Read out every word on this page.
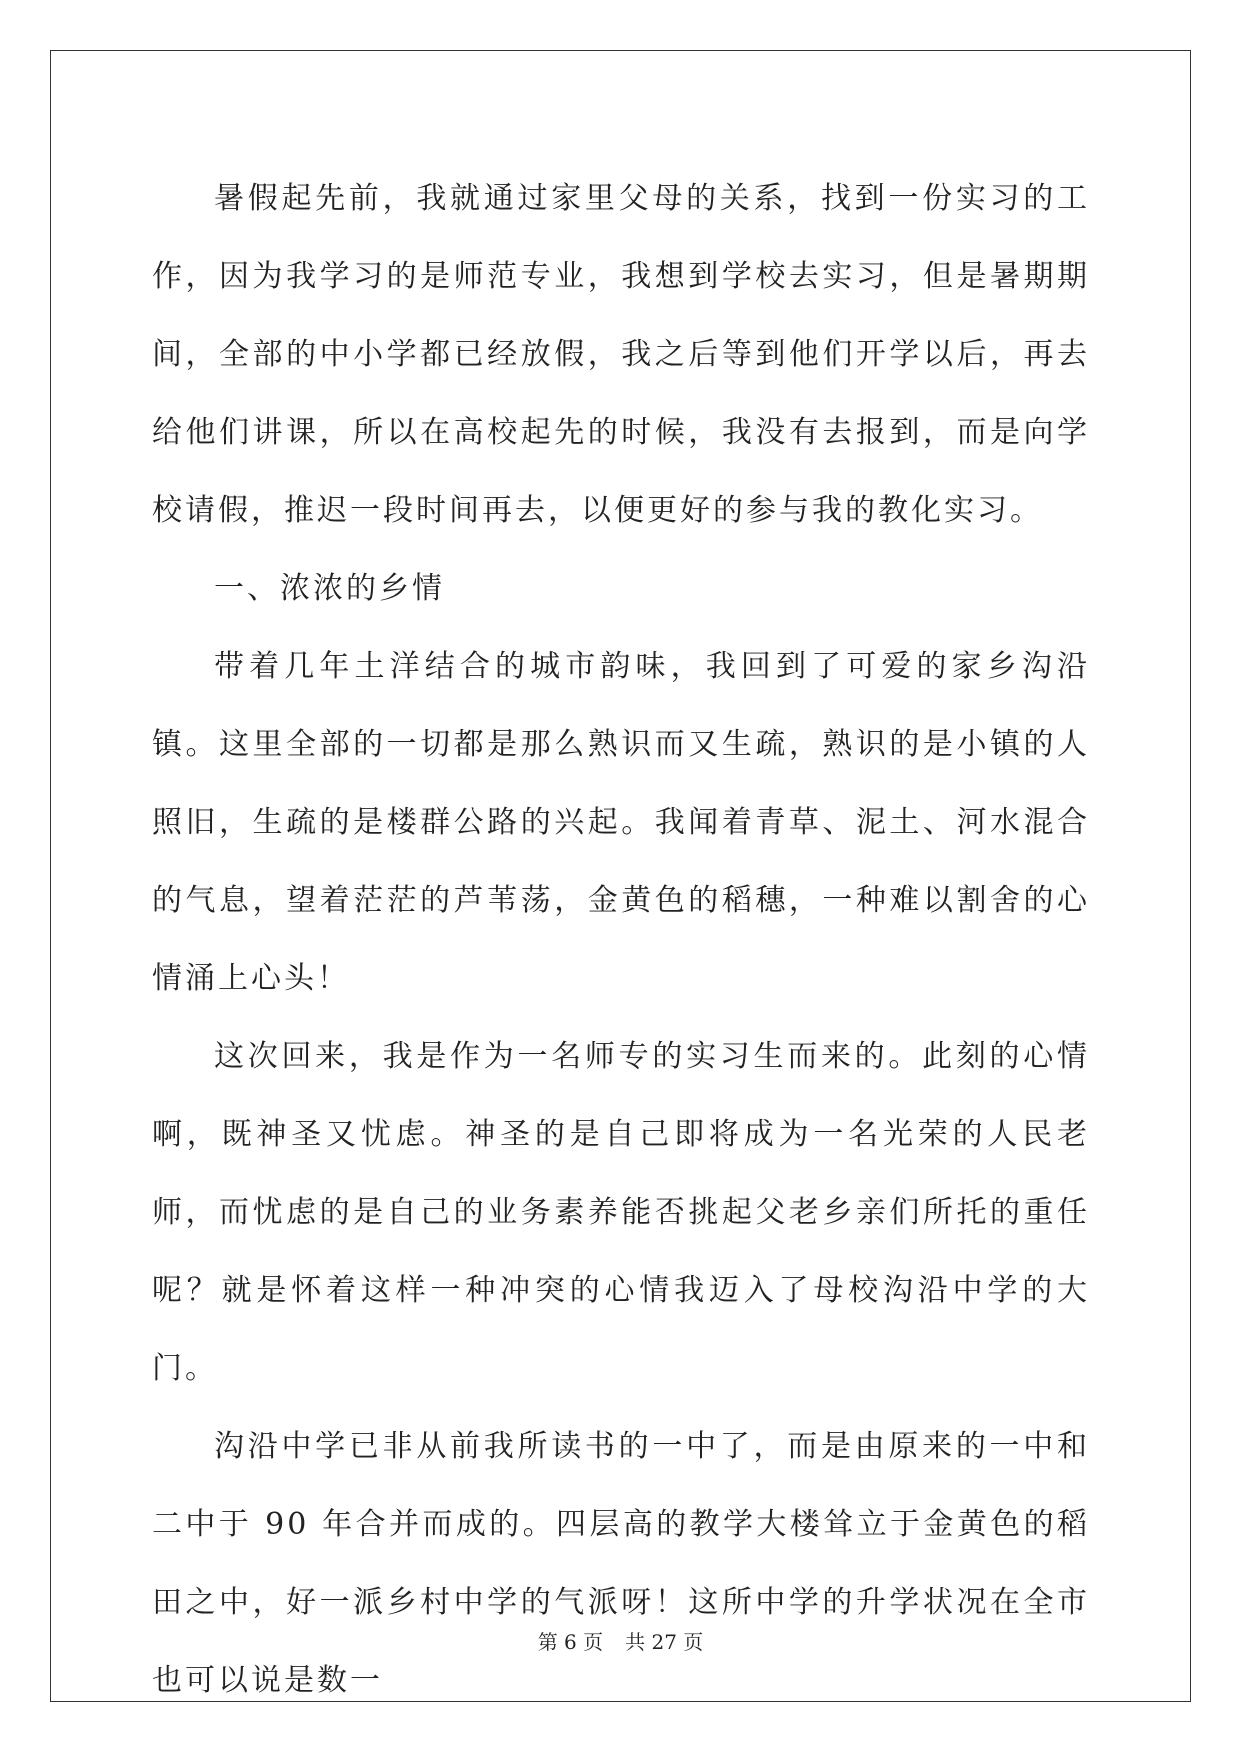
暑假起先前，我就通过家里父母的关系，找到一份实习的工作，因为我学习的是师范专业，我想到学校去实习，但是暑期期间，全部的中小学都已经放假，我之后等到他们开学以后，再去给他们讲课，所以在高校起先的时候，我没有去报到，而是向学校请假，推迟一段时间再去，以便更好的参与我的教化实习。

一、浓浓的乡情

带着几年土洋结合的城市韵味，我回到了可爱的家乡沟沿镇。这里全部的一切都是那么熟识而又生疏，熟识的是小镇的人照旧，生疏的是楼群公路的兴起。我闻着青草、泥土、河水混合的气息，望着茫茫的芦苇荡，金黄色的稻穗，一种难以割舍的心情涌上心头！

这次回来，我是作为一名师专的实习生而来的。此刻的心情啊，既神圣又忧虑。神圣的是自己即将成为一名光荣的人民老师，而忧虑的是自己的业务素养能否挑起父老乡亲们所托的重任呢？就是怀着这样一种冲突的心情我迈入了母校沟沿中学的大门。

沟沿中学已非从前我所读书的一中了，而是由原来的一中和二中于 90 年合并而成的。四层高的教学大楼耸立于金黄色的稻田之中，好一派乡村中学的气派呀！这所中学的升学状况在全市也可以说是数一

第 6 页 共 27 页
